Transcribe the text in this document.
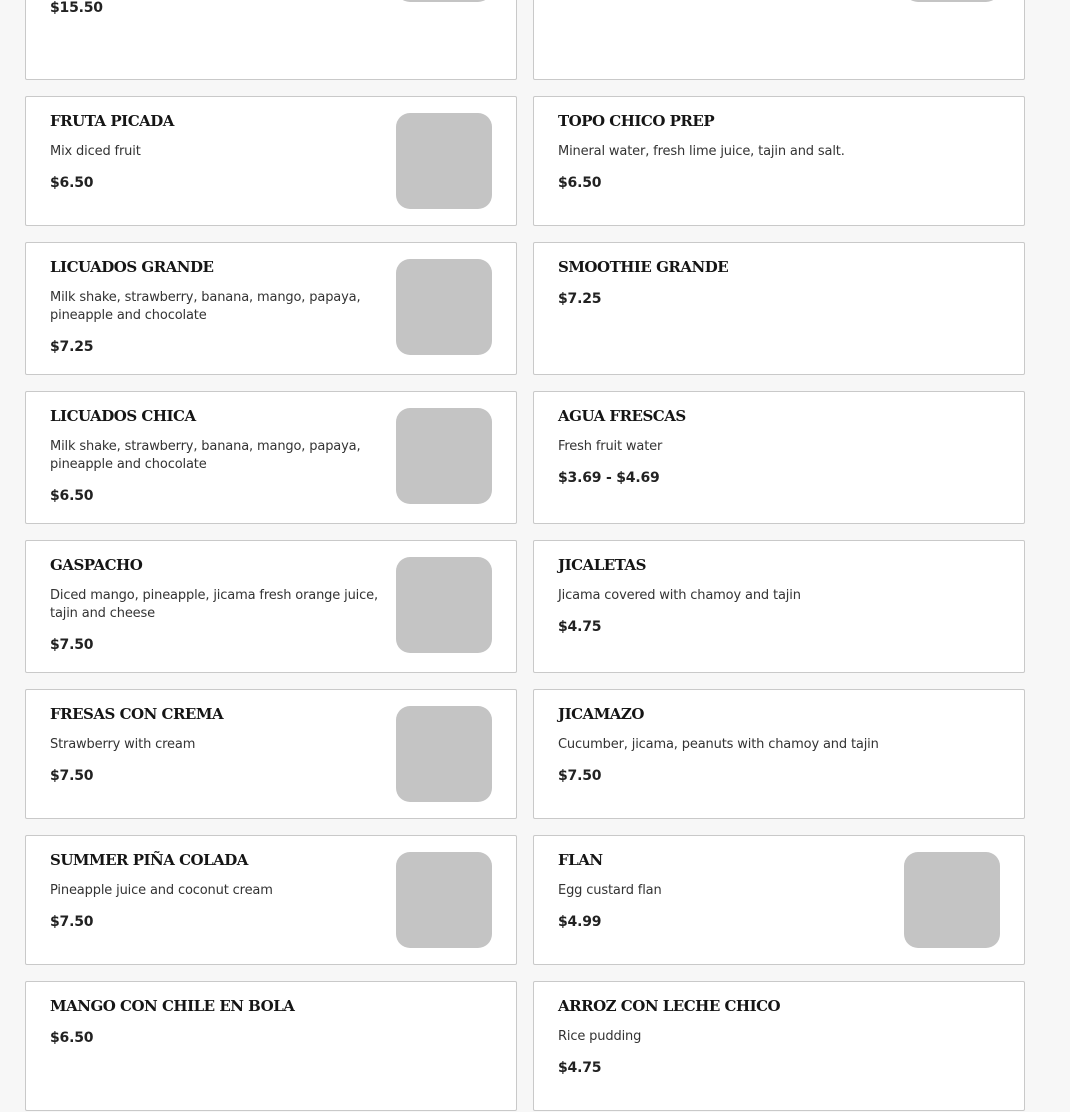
$15.50
FRUTA PICADA
Mix diced fruit
$6.50
TOPO CHICO PREP
Mineral water, fresh lime juice, tajin and salt.
$6.50
LICUADOS GRANDE
Milk shake, strawberry, banana, mango, papaya, pineapple and chocolate
$7.25
SMOOTHIE GRANDE
$7.25
LICUADOS CHICA
Milk shake, strawberry, banana, mango, papaya, pineapple and chocolate
$6.50
AGUA FRESCAS
Fresh fruit water
$3.69 - $4.69
GASPACHO
Diced mango, pineapple, jicama fresh orange juice, tajin and cheese
$7.50
JICALETAS
Jicama covered with chamoy and tajin
$4.75
FRESAS CON CREMA
Strawberry with cream
$7.50
JICAMAZO
Cucumber, jicama, peanuts with chamoy and tajin
$7.50
SUMMER PIÑA COLADA
Pineapple juice and coconut cream
$7.50
FLAN
Egg custard flan
$4.99
MANGO CON CHILE EN BOLA
$6.50
ARROZ CON LECHE CHICO
Rice pudding
$4.75
